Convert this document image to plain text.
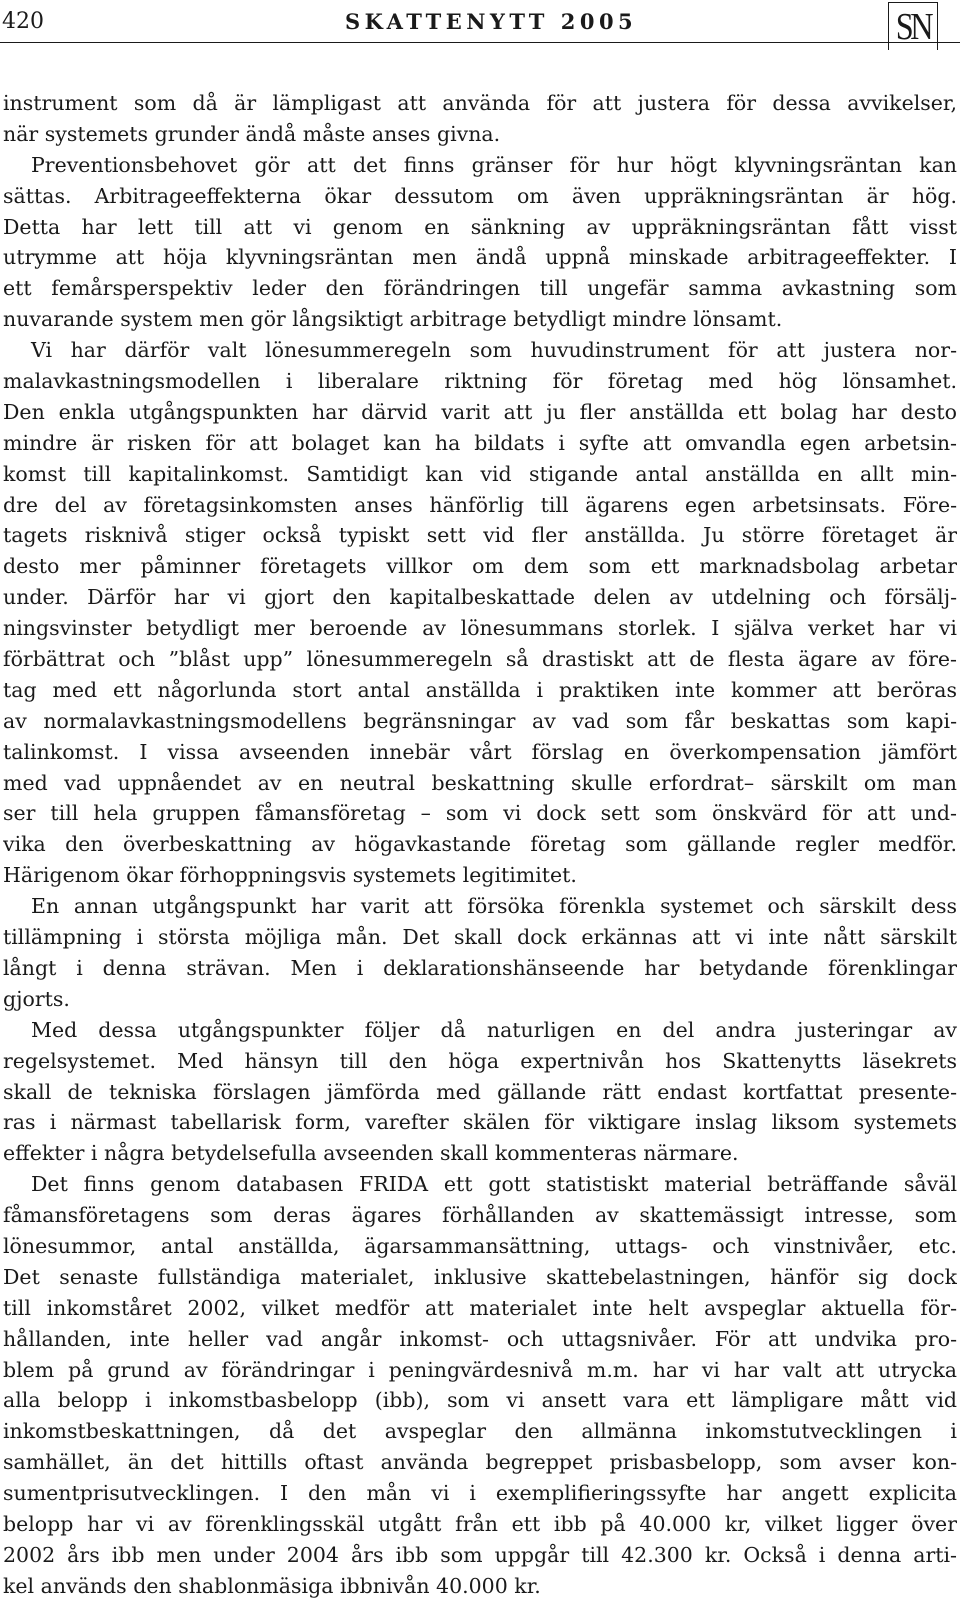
420	SKATTENYTT 2005	SN
instrument som då är lämpligast att använda för att justera för dessa avvikelser,
när systemets grunder ändå måste anses givna.
Preventionsbehovet gör att det finns gränser för hur högt klyvningsräntan kan
sättas. Arbitrageeffekterna ökar dessutom om även uppräkningsräntan är hög.
Detta har lett till att vi genom en sänkning av uppräkningsräntan fått visst
utrymme att höja klyvningsräntan men ändå uppnå minskade arbitrageeffekter. I
ett femårsperspektiv leder den förändringen till ungefär samma avkastning som
nuvarande system men gör långsiktigt arbitrage betydligt mindre lönsamt.
Vi har därför valt lönesummeregeln som huvudinstrument för att justera nor-
malavkastningsmodellen i liberalare riktning för företag med hög lönsamhet.
Den enkla utgångspunkten har därvid varit att ju fler anställda ett bolag har desto
mindre är risken för att bolaget kan ha bildats i syfte att omvandla egen arbetsin-
komst till kapitalinkomst. Samtidigt kan vid stigande antal anställda en allt min-
dre del av företagsinkomsten anses hänförlig till ägarens egen arbetsinsats. Före-
tagets risknivå stiger också typiskt sett vid fler anställda. Ju större företaget är
desto mer påminner företagets villkor om dem som ett marknadsbolag arbetar
under. Därför har vi gjort den kapitalbeskattade delen av utdelning och försälj-
ningsvinster betydligt mer beroende av lönesummans storlek. I själva verket har vi
förbättrat och ”blåst upp” lönesummeregeln så drastiskt att de flesta ägare av före-
tag med ett någorlunda stort antal anställda i praktiken inte kommer att beröras
av normalavkastningsmodellens begränsningar av vad som får beskattas som kapi-
talinkomst. I vissa avseenden innebär vårt förslag en överkompensation jämfört
med vad uppnåendet av en neutral beskattning skulle erfordrat– särskilt om man
ser till hela gruppen fåmansföretag – som vi dock sett som önskvärd för att und-
vika den överbeskattning av högavkastande företag som gällande regler medför.
Härigenom ökar förhoppningsvis systemets legitimitet.
En annan utgångspunkt har varit att försöka förenkla systemet och särskilt dess
tillämpning i största möjliga mån. Det skall dock erkännas att vi inte nått särskilt
långt i denna strävan. Men i deklarationshänseende har betydande förenklingar
gjorts.
Med dessa utgångspunkter följer då naturligen en del andra justeringar av
regelsystemet. Med hänsyn till den höga expertnivån hos Skattenytts läsekrets
skall de tekniska förslagen jämförda med gällande rätt endast kortfattat presente-
ras i närmast tabellarisk form, varefter skälen för viktigare inslag liksom systemets
effekter i några betydelsefulla avseenden skall kommenteras närmare.
Det finns genom databasen FRIDA ett gott statistiskt material beträffande såväl
fåmansföretagens som deras ägares förhållanden av skattemässigt intresse, som
lönesummor, antal anställda, ägarsammansättning, uttags- och vinstnivåer, etc.
Det senaste fullständiga materialet, inklusive skattebelastningen, hänför sig dock
till inkomståret 2002, vilket medför att materialet inte helt avspeglar aktuella för-
hållanden, inte heller vad angår inkomst- och uttagsnivåer. För att undvika pro-
blem på grund av förändringar i peningvärdesnivå m.m. har vi har valt att utrycka
alla belopp i inkomstbasbelopp (ibb), som vi ansett vara ett lämpligare mått vid
inkomstbeskattningen, då det avspeglar den allmänna inkomstutvecklingen i
samhället, än det hittills oftast använda begreppet prisbasbelopp, som avser kon-
sumentprisutvecklingen. I den mån vi i exemplifieringssyfte har angett explicita
belopp har vi av förenklingsskäl utgått från ett ibb på 40.000 kr, vilket ligger över
2002 års ibb men under 2004 års ibb som uppgår till 42.300 kr. Också i denna arti-
kel används den shablonmäsiga ibbnivån 40.000 kr.
